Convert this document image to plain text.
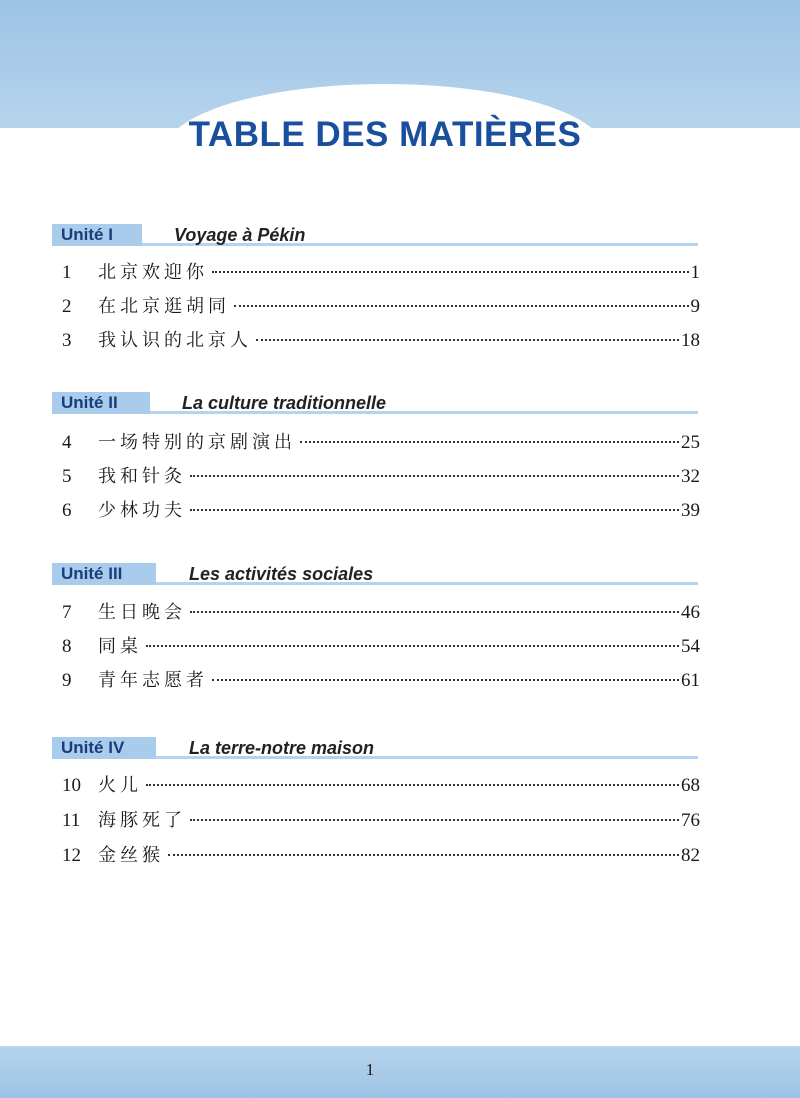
TABLE DES MATIÈRES
Unité I	Voyage à Pékin
1	北京欢迎你	1
2	在北京逛胡同	9
3	我认识的北京人	18
Unité II	La culture traditionnelle
4	一场特别的京剧演出	25
5	我和针灸	32
6	少林功夫	39
Unité III	Les activités sociales
7	生日晚会	46
8	同桌	54
9	青年志愿者	61
Unité IV	La terre-notre maison
10 火儿	68
11 海豚死了	76
12 金丝猴	82
1
